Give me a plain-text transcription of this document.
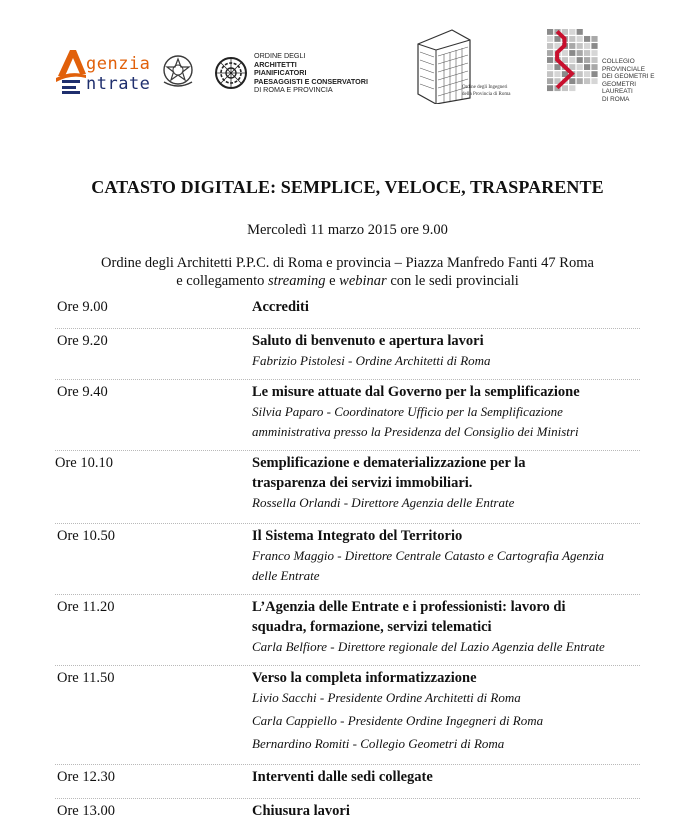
genzia
ntrate
ORDINE DEGLI
ARCHITETTI
PIANIFICATORI
PAESAGGISTI E CONSERVATORI
DI ROMA E PROVINCIA	Ordine degli Ingegneri
della Provincia di Roma
COLLEGIO
PROVINCIALE
DEI GEOMETRI E
GEOMETRI LAUREATI
DI ROMA
CATASTO DIGITALE: SEMPLICE, VELOCE, TRASPARENTE
Mercoledì 11 marzo 2015 ore 9.00
Ordine degli Architetti P.P.C. di Roma e provincia – Piazza Manfredo Fanti 47 Roma
e collegamento streaming e webinar con le sedi provinciali
Ore 9.00	Accrediti
Ore 9.20	Saluto di benvenuto e apertura lavori
Fabrizio Pistolesi - Ordine Architetti di Roma
Ore 9.40	Le misure attuate dal Governo per la semplificazione
Silvia Paparo - Coordinatore Ufficio per la Semplificazione
amministrativa presso la Presidenza del Consiglio dei Ministri
Ore 10.10	Semplificazione e dematerializzazione per la
trasparenza dei servizi immobiliari.
Rossella Orlandi - Direttore Agenzia delle Entrate
Ore 10.50	Il Sistema Integrato del Territorio
Franco Maggio - Direttore Centrale Catasto e Cartografia Agenzia
delle Entrate
Ore 11.20	L’Agenzia delle Entrate e i professionisti: lavoro di
squadra, formazione, servizi telematici
Carla Belfiore - Direttore regionale del Lazio Agenzia delle Entrate
Ore 11.50	Verso la completa informatizzazione
Livio Sacchi - Presidente Ordine Architetti di Roma
Carla Cappiello - Presidente Ordine Ingegneri di Roma
Bernardino Romiti - Collegio Geometri di Roma
Ore 12.30	Interventi dalle sedi collegate
Ore 13.00	Chiusura lavori
